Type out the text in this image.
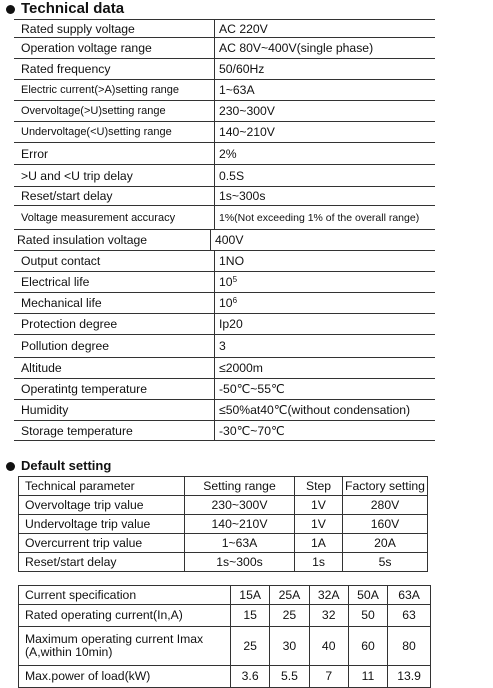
Technical data
Rated supply voltage	AC 220V
Operation voltage range	AC 80V~400V(single phase)
Rated frequency	50/60Hz
Electric current(>A)setting range	1~63A
Overvoltage(>U)setting range	230~300V
Undervoltage(<U)setting range	140~210V
Error	2%
>U and <U trip delay	0.5S
Reset/start delay	1s~300s
Voltage measurement accuracy	1%(Not exceeding 1% of the overall range)
Rated insulation voltage	400V
Output contact	1NO
Electrical life	$10^5$
Mechanical life	$10^6$
Protection degree	Ip20
Pollution degree	3
Altitude	≤2000m
Operatintg temperature	-50℃~55℃
Humidity	≤50%at40℃(without condensation)
Storage temperature	-30℃~70℃
Default setting
Technical parameter	Setting range	Step	Factory setting
Overvoltage trip value	230~300V	1V	280V
Undervoltage trip value	140~210V	1V	160V
Overcurrent trip value	1~63A	1A	20A
Reset/start delay	1s~300s	1s	5s
Current specification	15A	25A	32A	50A	63A
Rated operating current(In,A)	15	25	32	50	63
Maximum operating current Imax (A,within 10min)	25	30	40	60	80
Max.power of load(kW)	3.6	5.5	7	11	13.9
